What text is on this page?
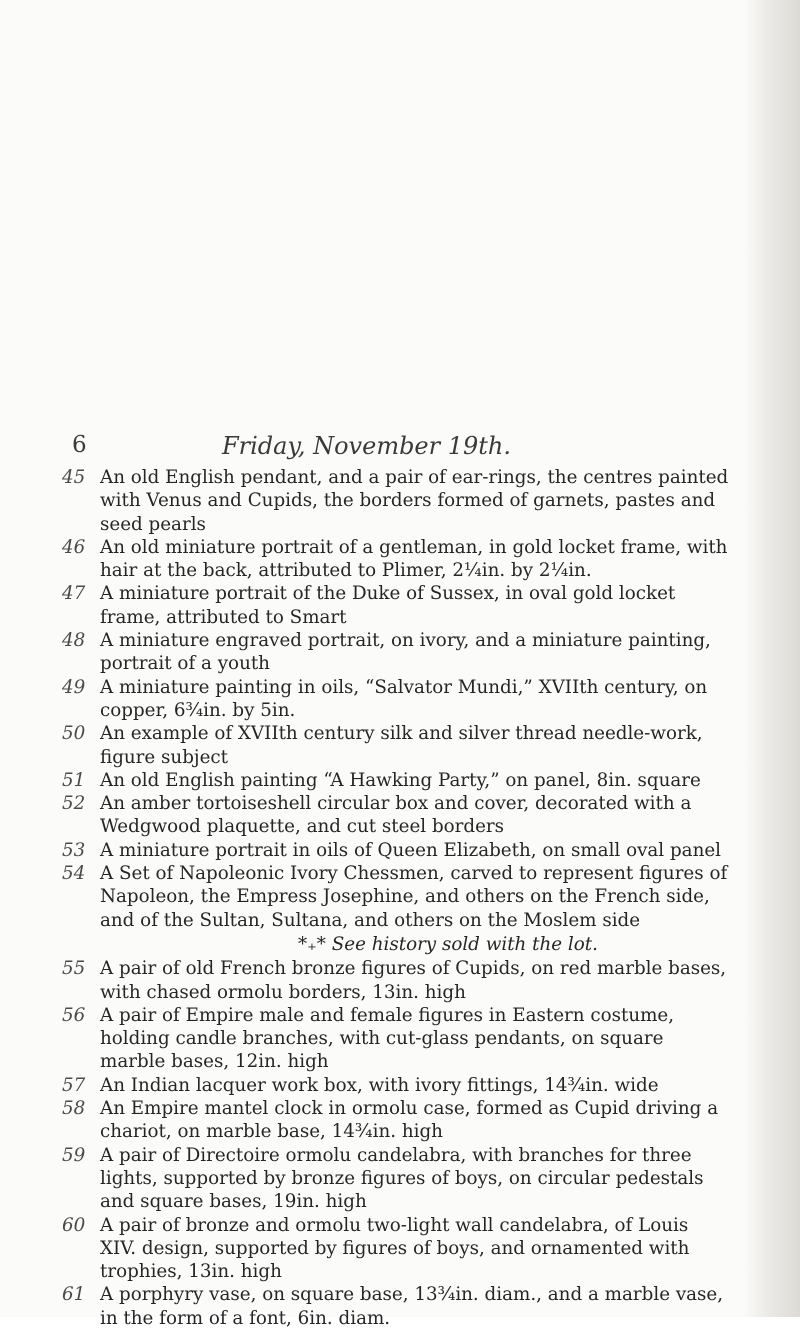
6	Friday, November 19th.
45 An old English pendant, and a pair of ear-rings, the centres painted with Venus and Cupids, the borders formed of garnets, pastes and seed pearls
46 An old miniature portrait of a gentleman, in gold locket frame, with hair at the back, attributed to Plimer, 2¼in. by 2¼in.
47 A miniature portrait of the Duke of Sussex, in oval gold locket frame, attributed to Smart
48 A miniature engraved portrait, on ivory, and a miniature painting, portrait of a youth
49 A miniature painting in oils, “Salvator Mundi,” XVIIth century, on copper, 6¾in. by 5in.
50 An example of XVIIth century silk and silver thread needle-work, figure subject
51 An old English painting “A Hawking Party,” on panel, 8in. square
52 An amber tortoiseshell circular box and cover, decorated with a Wedgwood plaquette, and cut steel borders
53 A miniature portrait in oils of Queen Elizabeth, on small oval panel
54 A Set of Napoleonic Ivory Chessmen, carved to represent figures of Napoleon, the Empress Josephine, and others on the French side, and of the Sultan, Sultana, and others on the Moslem side
*₊* See history sold with the lot.
55 A pair of old French bronze figures of Cupids, on red marble bases, with chased ormolu borders, 13in. high
56 A pair of Empire male and female figures in Eastern costume, holding candle branches, with cut-glass pendants, on square marble bases, 12in. high
57 An Indian lacquer work box, with ivory fittings, 14¾in. wide
58 An Empire mantel clock in ormolu case, formed as Cupid driving a chariot, on marble base, 14¾in. high
59 A pair of Directoire ormolu candelabra, with branches for three lights, supported by bronze figures of boys, on circular pedestals and square bases, 19in. high
60 A pair of bronze and ormolu two-light wall candelabra, of Louis XIV. design, supported by figures of boys, and ornamented with trophies, 13in. high
61 A porphyry vase, on square base, 13¾in. diam., and a marble vase, in the form of a font, 6in. diam.
